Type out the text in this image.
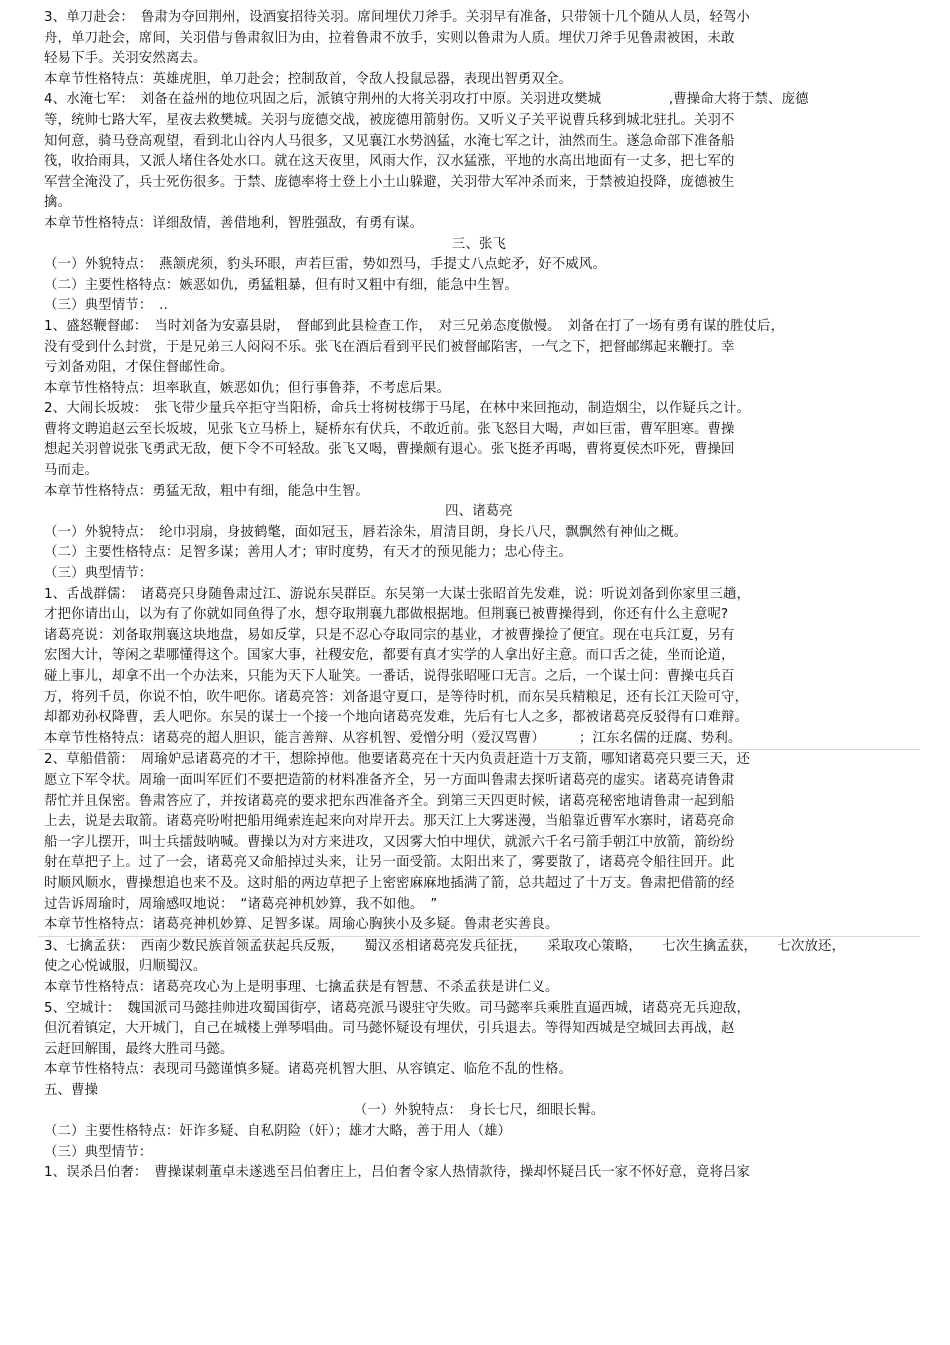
3、单刀赴会：　鲁肃为夺回荆州，设酒宴招待关羽。席间埋伏刀斧手。关羽早有准备，只带领十几个随从人员，轻驾小
舟，单刀赴会，席间，关羽借与鲁肃叙旧为由，拉着鲁肃不放手，实则以鲁肃为人质。埋伏刀斧手见鲁肃被困，未敢
轻易下手。关羽安然离去。
本章节性格特点：英雄虎胆，单刀赴会；控制敌首，令敌人投鼠忌器，表现出智勇双全。
4、水淹七军：　刘备在益州的地位巩固之后，派镇守荆州的大将关羽攻打中原。关羽进攻樊城　　　　　,曹操命大将于禁、庞德
等，统帅七路大军，星夜去救樊城。关羽与庞德交战，被庞德用箭射伤。又听义子关平说曹兵移到城北驻扎。关羽不
知何意，骑马登高观望，看到北山谷内人马很多，又见襄江水势汹猛，水淹七军之计，油然而生。遂急命部下准备船
筏，收拾雨具，又派人堵住各处水口。就在这天夜里，风雨大作，汉水猛涨，平地的水高出地面有一丈多，把七军的
军营全淹没了，兵士死伤很多。于禁、庞德率将士登上小土山躲避，关羽带大军冲杀而来，于禁被迫投降，庞德被生
擒。
本章节性格特点：详细敌情，善借地利，智胜强敌，有勇有谋。
三、张飞
（一）外貌特点：　燕颔虎须，豹头环眼，声若巨雷，势如烈马，手提丈八点蛇矛，好不威风。
（二）主要性格特点：嫉恶如仇，勇猛粗暴，但有时又粗中有细，能急中生智。
（三）典型情节：　..
1、盛怒鞭督邮：　当时刘备为安嘉县尉，　督邮到此县检查工作，　对三兄弟态度傲慢。　刘备在打了一场有勇有谋的胜仗后，
没有受到什么封赏，于是兄弟三人闷闷不乐。张飞在酒后看到平民们被督邮陷害，一气之下，把督邮绑起来鞭打。幸
亏刘备劝阻，才保住督邮性命。
本章节性格特点：坦率耿直，嫉恶如仇；但行事鲁莽，不考虑后果。
2、大闹长坂坡：　张飞带少量兵卒拒守当阳桥，命兵士将树枝绑于马尾，在林中来回拖动，制造烟尘，以作疑兵之计。
曹将文聘追赵云至长坂坡，见张飞立马桥上，疑桥东有伏兵，不敢近前。张飞怒目大喝，声如巨雷，曹军胆寒。曹操
想起关羽曾说张飞勇武无敌，便下令不可轻敌。张飞又喝，曹操颇有退心。张飞挺矛再喝，曹将夏侯杰吓死，曹操回
马而走。
本章节性格特点：勇猛无敌，粗中有细，能急中生智。
四、诸葛亮
（一）外貌特点：　纶巾羽扇，身披鹤氅，面如冠玉，唇若涂朱，眉清目朗，身长八尺，飘飘然有神仙之概。
（二）主要性格特点：足智多谋；善用人才；审时度势，有天才的预见能力；忠心侍主。
（三）典型情节：
1、舌战群儒：　诸葛亮只身随鲁肃过江、游说东吴群臣。东吴第一大谋士张昭首先发难，说：听说刘备到你家里三趟，
才把你请出山，以为有了你就如同鱼得了水，想夺取荆襄九郡做根据地。但荆襄已被曹操得到，你还有什么主意呢?
诸葛亮说：刘备取荆襄这块地盘，易如反掌，只是不忍心夺取同宗的基业，才被曹操捡了便宜。现在屯兵江夏，另有
宏图大计，等闲之辈哪懂得这个。国家大事，社稷安危，都要有真才实学的人拿出好主意。而口舌之徒，坐而论道，
碰上事儿，却拿不出一个办法来，只能为天下人耻笑。一番话，说得张昭哑口无言。之后，一个谋士问：曹操屯兵百
万，将列千员，你说不怕，吹牛吧你。诸葛亮答：刘备退守夏口，是等待时机，而东吴兵精粮足，还有长江天险可守，
却都劝孙权降曹，丢人吧你。东吴的谋士一个接一个地向诸葛亮发难，先后有七人之多，都被诸葛亮反驳得有口难辩。
本章节性格特点：诸葛亮的超人胆识，能言善辩、从容机智、爱憎分明（爱汉骂曹）　　　；江东名儒的迂腐、势利。
2、草船借箭：　周瑜妒忌诸葛亮的才干，想除掉他。他要诸葛亮在十天内负责赶造十万支箭，哪知诸葛亮只要三天，还
愿立下军令状。周瑜一面叫军匠们不要把造箭的材料准备齐全，另一方面叫鲁肃去探听诸葛亮的虚实。诸葛亮请鲁肃
帮忙并且保密。鲁肃答应了，并按诸葛亮的要求把东西准备齐全。到第三天四更时候，诸葛亮秘密地请鲁肃一起到船
上去，说是去取箭。诸葛亮吩咐把船用绳索连起来向对岸开去。那天江上大雾迷漫，当船靠近曹军水寨时，诸葛亮命
船一字儿摆开，叫士兵擂鼓呐喊。曹操以为对方来进攻，又因雾大怕中埋伏，就派六千名弓箭手朝江中放箭，箭纷纷
射在草把子上。过了一会，诸葛亮又命船掉过头来，让另一面受箭。太阳出来了，雾要散了，诸葛亮令船往回开。此
时顺风顺水，曹操想追也来不及。这时船的两边草把子上密密麻麻地插满了箭，总共超过了十万支。鲁肃把借箭的经
过告诉周瑜时，周瑜感叹地说：　“诸葛亮神机妙算，我不如他。　”
本章节性格特点：诸葛亮神机妙算、足智多谋。周瑜心胸狭小及多疑。鲁肃老实善良。
3、七擒孟获：　西南少数民族首领孟获起兵反叛，　　蜀汉丞相诸葛亮发兵征抚，　　采取攻心策略，　　七次生擒孟获，　　七次放还，
使之心悦诚服，归顺蜀汉。
本章节性格特点：诸葛亮攻心为上是明事理、七擒孟获是有智慧、不杀孟获是讲仁义。
5、空城计：　魏国派司马懿挂帅进攻蜀国街亭，诸葛亮派马谡驻守失败。司马懿率兵乘胜直逼西城，诸葛亮无兵迎敌，
但沉着镇定，大开城门，自己在城楼上弹琴唱曲。司马懿怀疑设有埋伏，引兵退去。等得知西城是空城回去再战，赵
云赶回解围，最终大胜司马懿。
本章节性格特点：表现司马懿谨慎多疑。诸葛亮机智大胆、从容镇定、临危不乱的性格。
五、曹操
（一）外貌特点：　身长七尺，细眼长髯。
（二）主要性格特点：奸诈多疑、自私阴险（奸）；雄才大略，善于用人（雄）
（三）典型情节：
1、误杀吕伯奢：　曹操谋刺董卓未遂逃至吕伯奢庄上，吕伯奢令家人热情款待，操却怀疑吕氏一家不怀好意，竟将吕家
